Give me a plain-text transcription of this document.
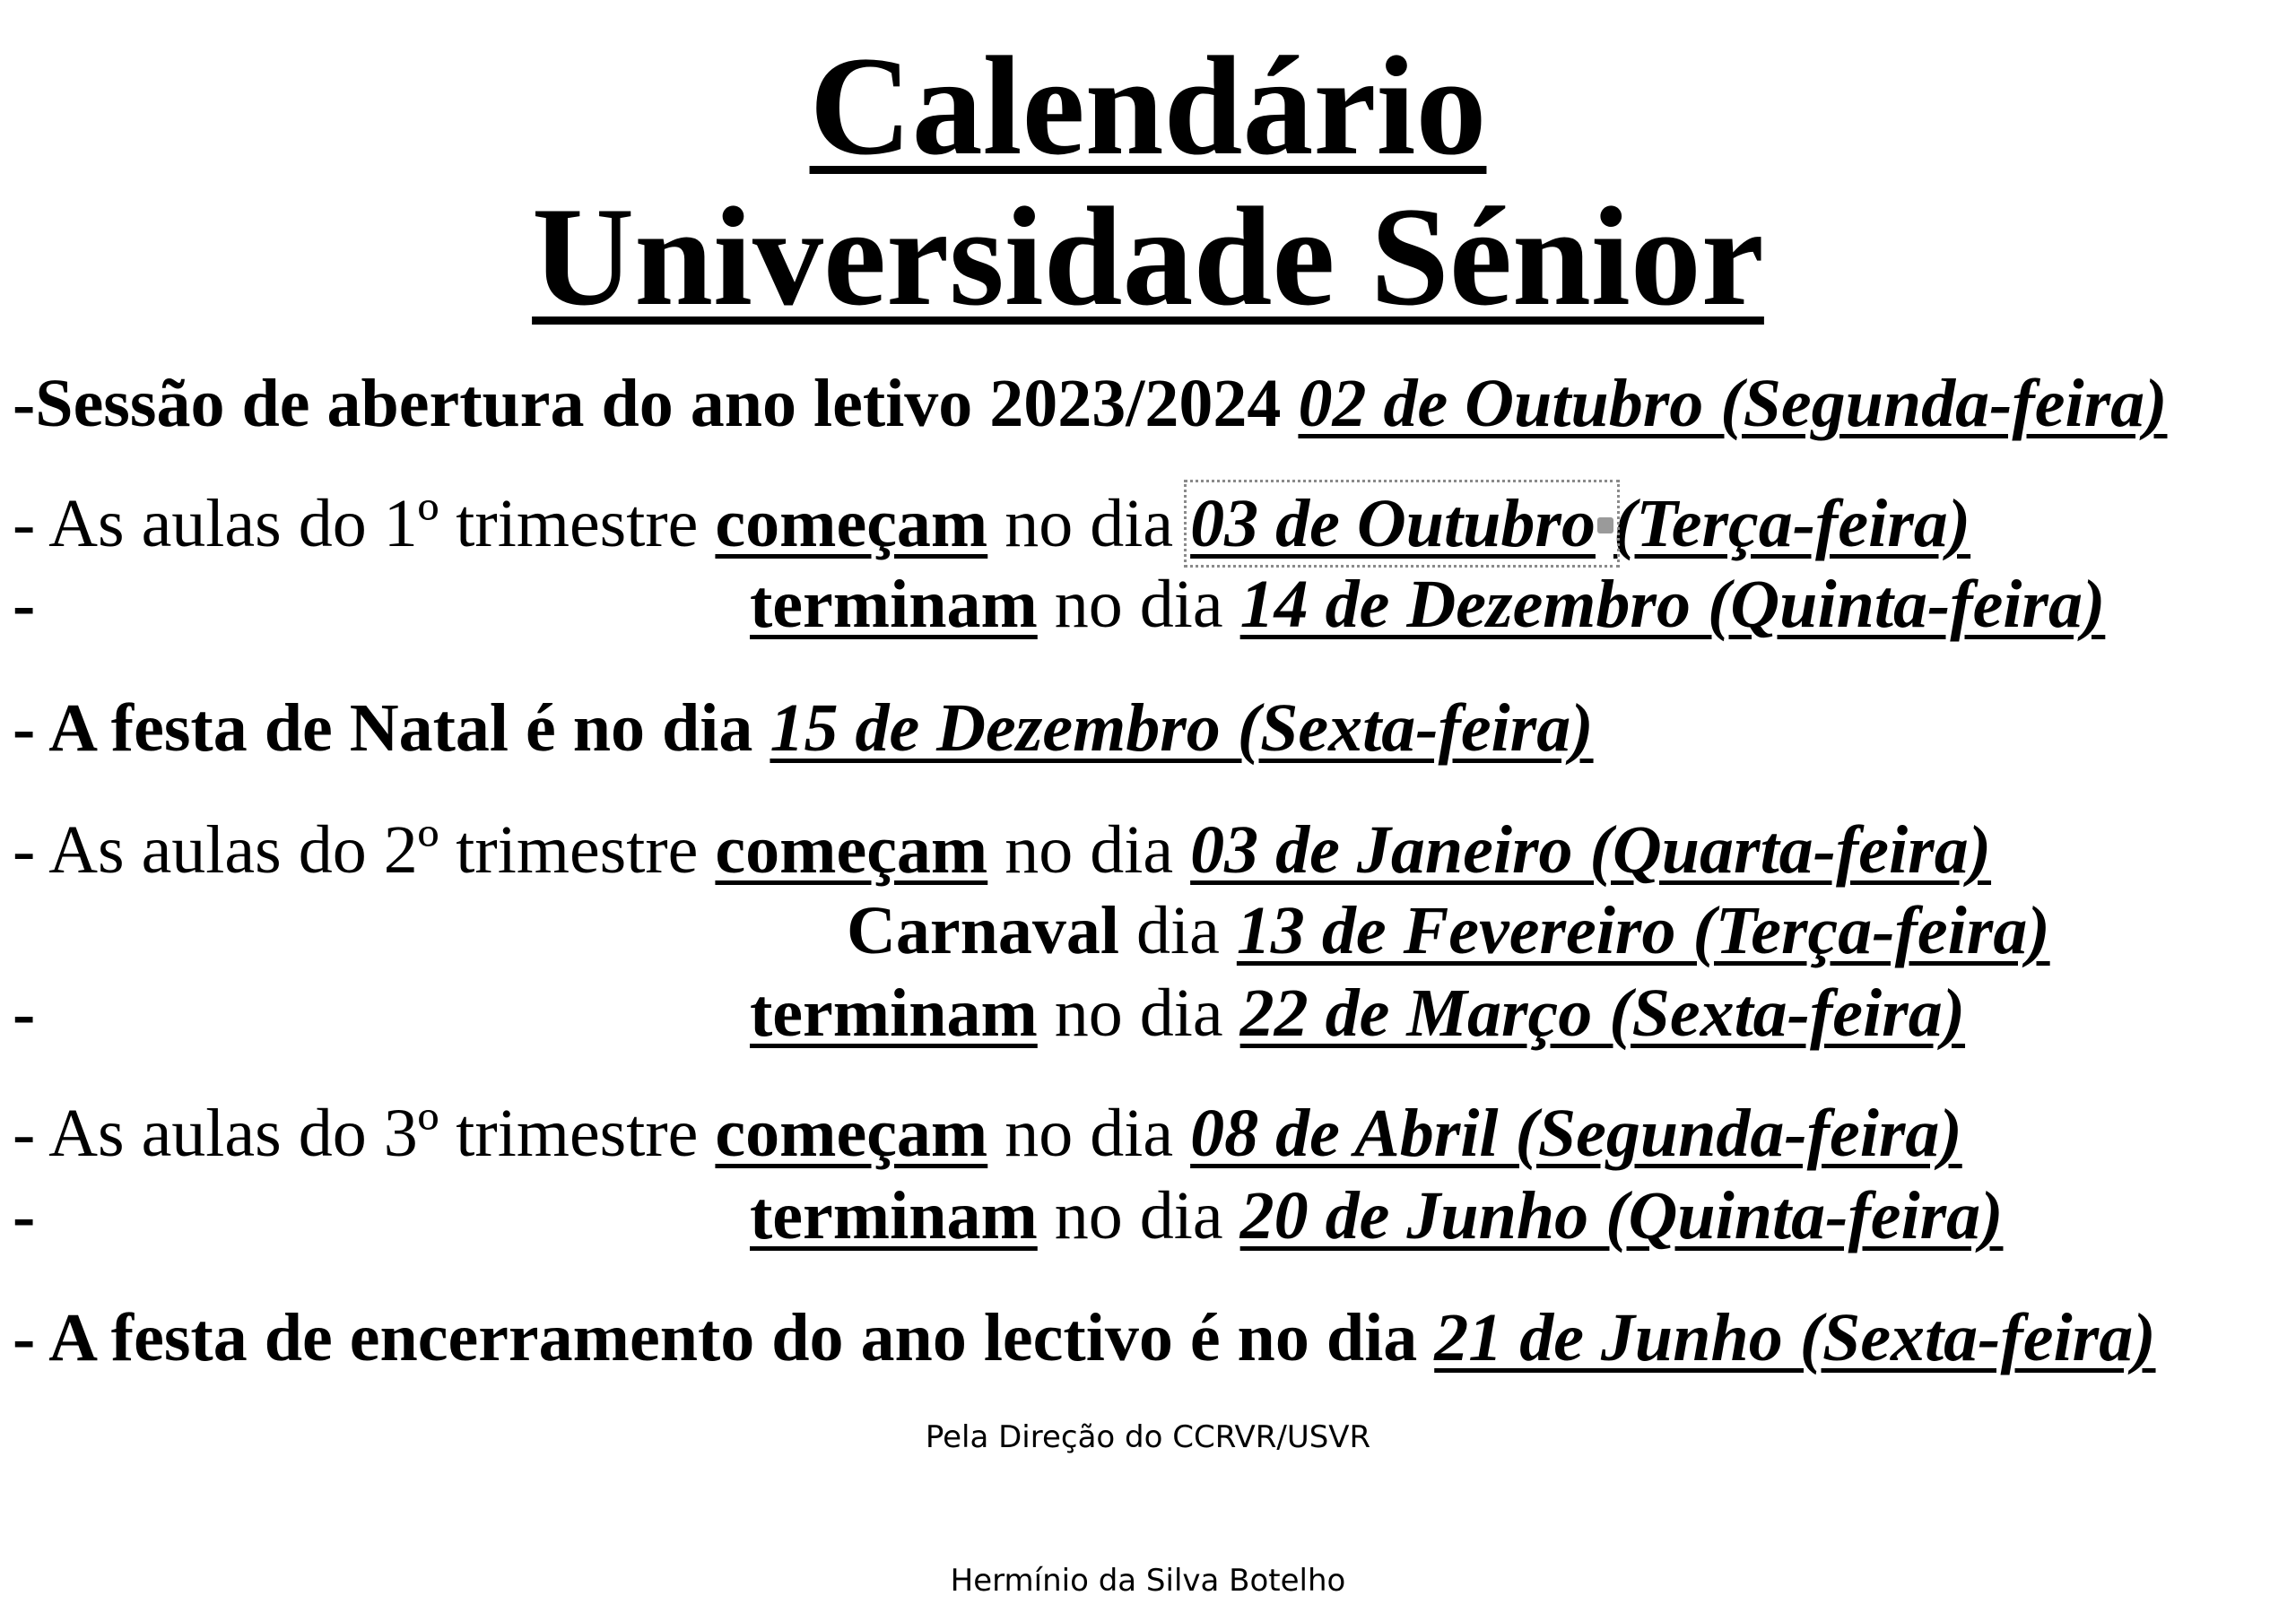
Calendário
Universidade Sénior
-Sessão de abertura do ano letivo 2023/2024 02 de Outubro (Segunda-feira)
- As aulas do 1º trimestre começam no dia 03 de Outubro (Terça-feira)
-	terminam no dia 14 de Dezembro (Quinta-feira)
- A festa de Natal é no dia 15 de Dezembro (Sexta-feira)
- As aulas do 2º trimestre começam no dia 03 de Janeiro (Quarta-feira)
Carnaval dia 13 de Fevereiro (Terça-feira)
-	terminam no dia 22 de Março (Sexta-feira)
- As aulas do 3º trimestre começam no dia 08 de Abril (Segunda-feira)
-	terminam no dia 20 de Junho (Quinta-feira)
- A festa de encerramento do ano lectivo é no dia 21 de Junho (Sexta-feira)
Pela Direção do CCRVR/USVR
Hermínio da Silva Botelho
